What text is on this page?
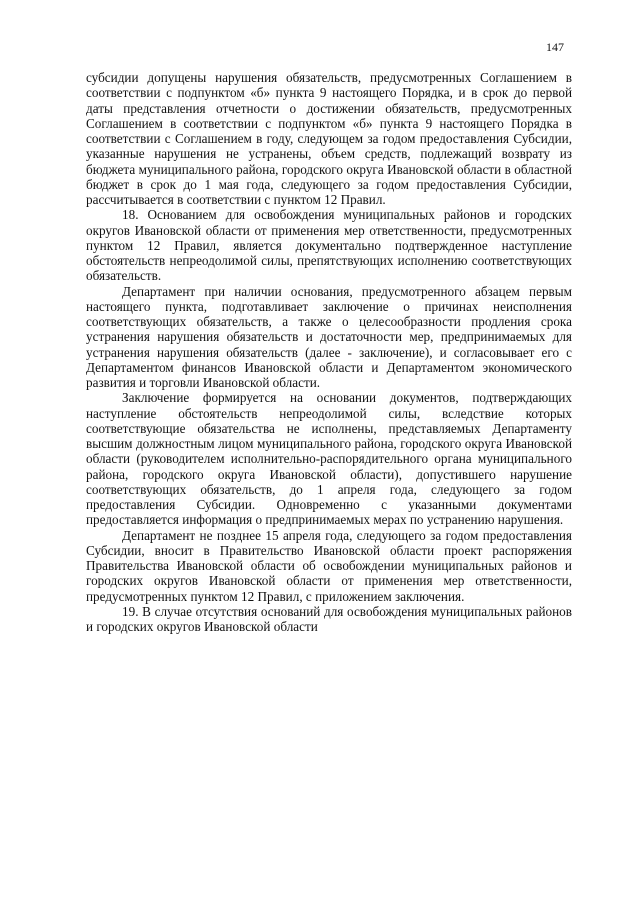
147

субсидии допущены нарушения обязательств, предусмотренных Соглашением в соответствии с подпунктом «б» пункта 9 настоящего Порядка, и в срок до первой даты представления отчетности о достижении обязательств, предусмотренных Соглашением в соответствии с подпунктом «б» пункта 9 настоящего Порядка в соответствии с Соглашением в году, следующем за годом предоставления Субсидии, указанные нарушения не устранены, объем средств, подлежащий возврату из бюджета муниципального района, городского округа Ивановской области в областной бюджет в срок до 1 мая года, следующего за годом предоставления Субсидии, рассчитывается в соответствии с пунктом 12 Правил.

18. Основанием для освобождения муниципальных районов и городских округов Ивановской области от применения мер ответственности, предусмотренных пунктом 12 Правил, является документально подтвержденное наступление обстоятельств непреодолимой силы, препятствующих исполнению соответствующих обязательств.

Департамент при наличии основания, предусмотренного абзацем первым настоящего пункта, подготавливает заключение о причинах неисполнения соответствующих обязательств, а также о целесообразности продления срока устранения нарушения обязательств и достаточности мер, предпринимаемых для устранения нарушения обязательств (далее - заключение), и согласовывает его с Департаментом финансов Ивановской области и Департаментом экономического развития и торговли Ивановской области.

Заключение формируется на основании документов, подтверждающих наступление обстоятельств непреодолимой силы, вследствие которых соответствующие обязательства не исполнены, представляемых Департаменту высшим должностным лицом муниципального района, городского округа Ивановской области (руководителем исполнительно-распорядительного органа муниципального района, городского округа Ивановской области), допустившего нарушение соответствующих обязательств, до 1 апреля года, следующего за годом предоставления Субсидии. Одновременно с указанными документами предоставляется информация о предпринимаемых мерах по устранению нарушения.

Департамент не позднее 15 апреля года, следующего за годом предоставления Субсидии, вносит в Правительство Ивановской области проект распоряжения Правительства Ивановской области об освобождении муниципальных районов и городских округов Ивановской области от применения мер ответственности, предусмотренных пунктом 12 Правил, с приложением заключения.

19. В случае отсутствия оснований для освобождения муниципальных районов и городских округов Ивановской области
